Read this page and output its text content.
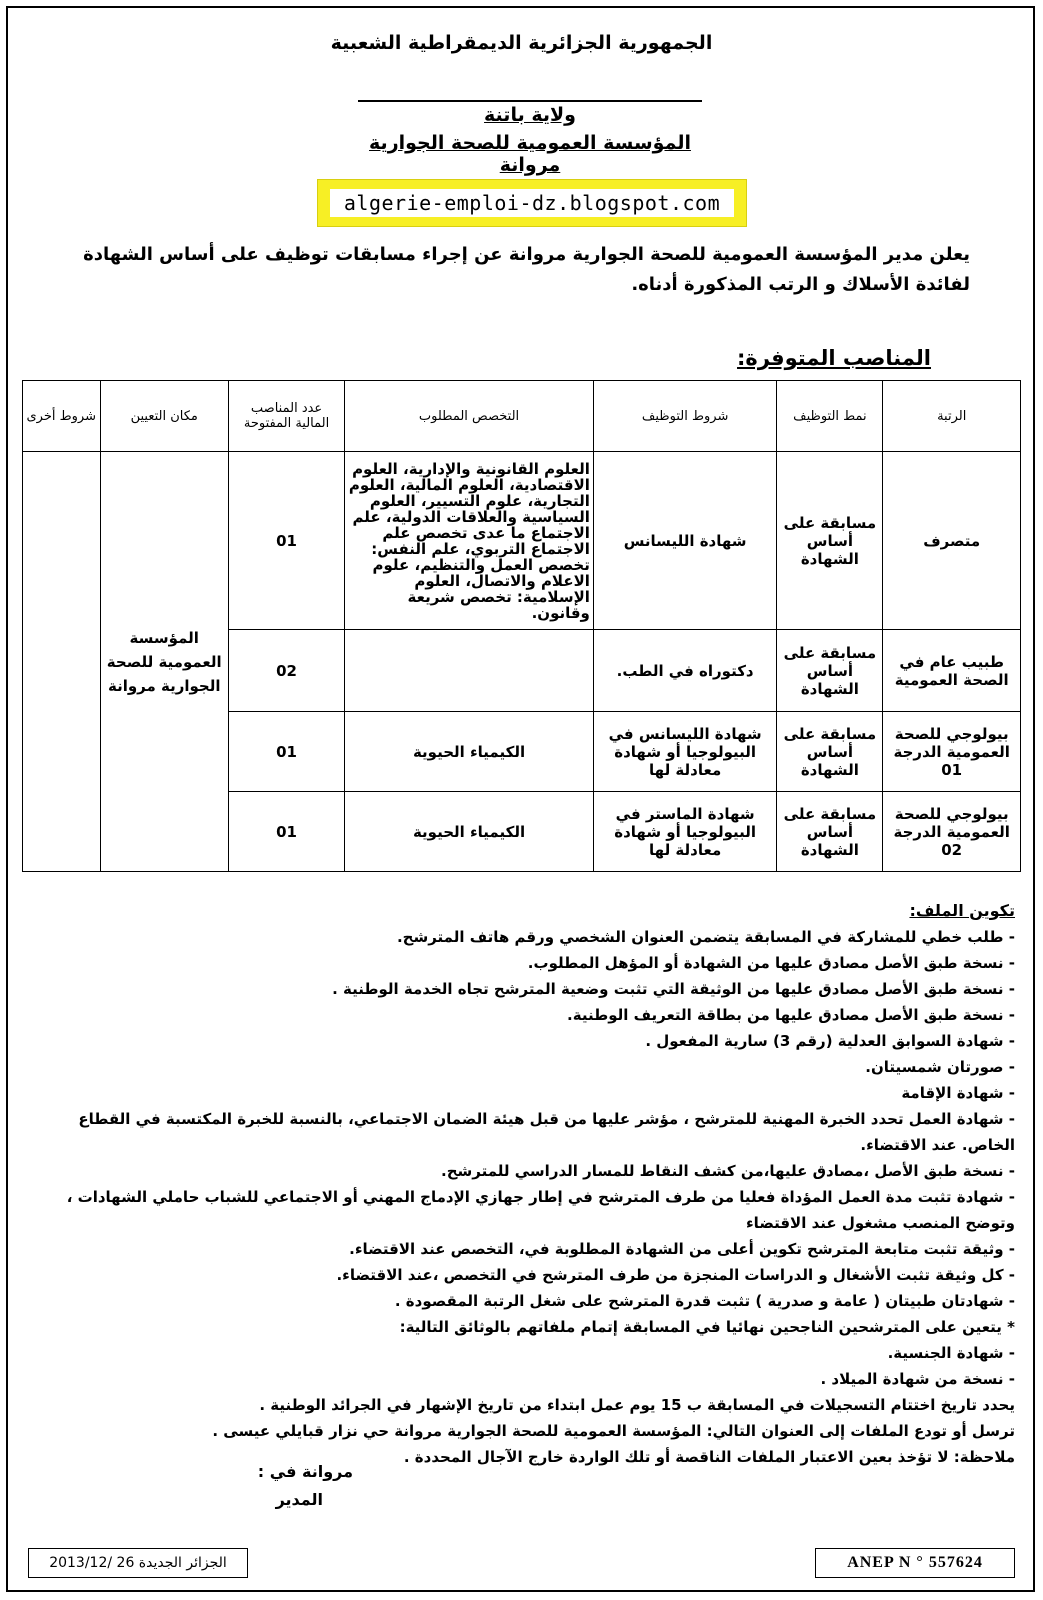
الجمهورية الجزائرية الديمقراطية الشعبية
ولاية باتنة
المؤسسة العمومية للصحة الجوارية مروانة
algerie-emploi-dz.blogspot.com
يعلن مدير المؤسسة العمومية للصحة الجوارية مروانة عن إجراء مسابقات توظيف على أساس الشهادة لفائدة الأسلاك و الرتب المذكورة أدناه.
المناصب المتوفرة:
الرتبة	نمط التوظيف	شروط التوظيف	التخصص المطلوب	عدد المناصب المالية المفتوحة	مكان التعيين	شروط أخرى
متصرف	مسابقة على أساس الشهادة	شهادة الليسانس	العلوم القانونية والإدارية، العلوم الاقتصادية، العلوم المالية، العلوم التجارية، علوم التسيير، العلوم السياسية والعلاقات الدولية، علم الاجتماع ما عدى تخصص علم الاجتماع التربوي، علم النفس: تخصص العمل والتنظيم، علوم الاعلام والاتصال، العلوم الإسلامية: تخصص شريعة وقانون.	01	المؤسسة العمومية للصحة الجوارية مروانة	
طبيب عام في الصحة العمومية	مسابقة على أساس الشهادة	دكتوراه في الطب.		02		
بيولوجي للصحة العمومية الدرجة 01	مسابقة على أساس الشهادة	شهادة الليسانس في البيولوجيا أو شهادة معادلة لها	الكيمياء الحيوية	01		
بيولوجي للصحة العمومية الدرجة 02	مسابقة على أساس الشهادة	شهادة الماستر في البيولوجيا أو شهادة معادلة لها	الكيمياء الحيوية	01		

تكوين الملف:

- طلب خطي للمشاركة في المسابقة يتضمن العنوان الشخصي ورقم هاتف المترشح.

- نسخة طبق الأصل مصادق عليها من الشهادة أو المؤهل المطلوب.

- نسخة طبق الأصل مصادق عليها من الوثيقة التي تثبت وضعية المترشح تجاه الخدمة الوطنية .

- نسخة طبق الأصل مصادق عليها من بطاقة التعريف الوطنية.

- شهادة السوابق العدلية (رقم 3) سارية المفعول .

- صورتان شمسيتان.

- شهادة الإقامة

- شهادة العمل تحدد الخبرة المهنية للمترشح ، مؤشر عليها من قبل هيئة الضمان الاجتماعي، بالنسبة للخبرة المكتسبة في القطاع الخاص. عند الاقتضاء.

- نسخة طبق الأصل ،مصادق عليها،من كشف النقاط للمسار الدراسي للمترشح.

- شهادة تثبت مدة العمل المؤداة فعليا من طرف المترشح في إطار جهازي الإدماج المهني أو الاجتماعي للشباب حاملي الشهادات ، وتوضح المنصب مشغول عند الاقتضاء

- وثيقة تثبت متابعة المترشح تكوين أعلى من الشهادة المطلوبة في، التخصص عند الاقتضاء.

- كل وثيقة تثبت الأشغال و الدراسات المنجزة من طرف المترشح في التخصص ،عند الاقتضاء.

- شهادتان طبيتان ( عامة و صدرية ) تثبت قدرة المترشح على شغل الرتبة المقصودة .

* يتعين على المترشحين الناجحين نهائيا في المسابقة إتمام ملفاتهم بالوثائق التالية:

- شهادة الجنسية.

- نسخة من شهادة الميلاد .

يحدد تاريخ اختتام التسجيلات في المسابقة ب 15 يوم عمل ابتداء من تاريخ الإشهار في الجرائد الوطنية .

ترسل أو تودع الملفات إلى العنوان التالي: المؤسسة العمومية للصحة الجوارية مروانة حي نزار قبايلي عيسى .

ملاحظة: لا تؤخذ بعين الاعتبار الملفات الناقصة أو تلك الواردة خارج الآجال المحددة .

مروانة في :
المدير
الجزائر الجديدة 26 /2013/12	ANEP N ° 557624
